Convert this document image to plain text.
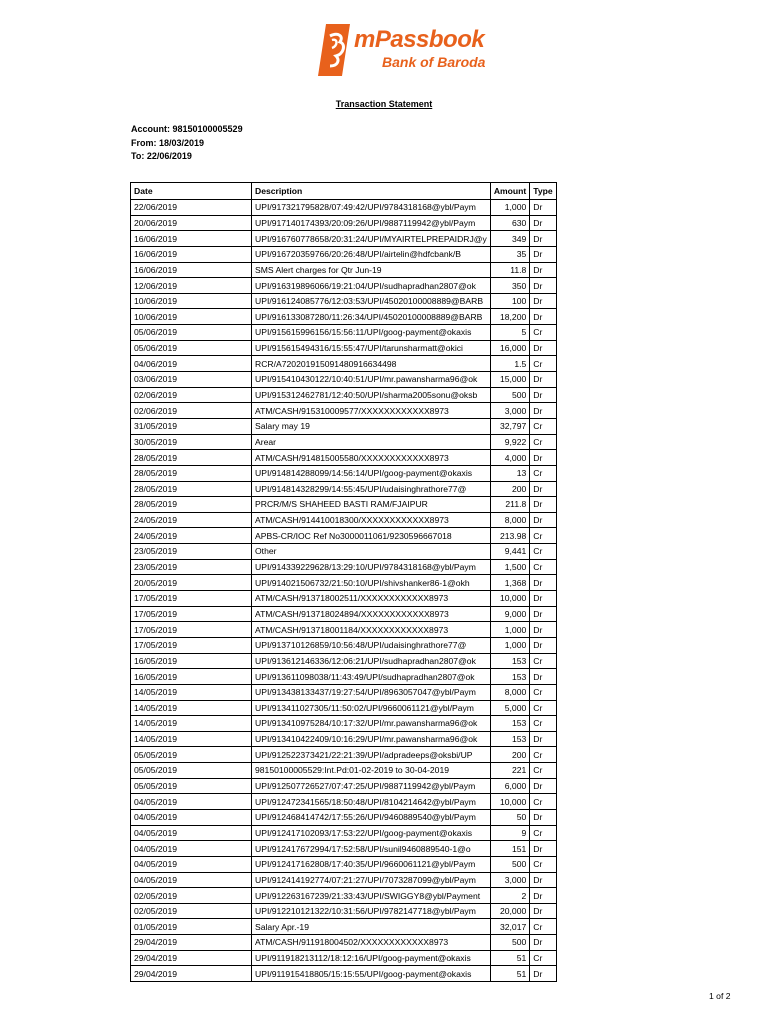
mPassbook
Bank of Baroda
Transaction Statement
Account: 98150100005529
From: 18/03/2019
To: 22/06/2019
Date	Description	Amount	Type
22/06/2019	UPI/917321795828/07:49:42/UPI/9784318168@ybl/Paym	1,000	Dr
20/06/2019	UPI/917140174393/20:09:26/UPI/9887119942@ybl/Paym	630	Dr
16/06/2019	UPI/916760778658/20:31:24/UPI/MYAIRTELPREPAIDRJ@y	349	Dr
16/06/2019	UPI/916720359766/20:26:48/UPI/airtelin@hdfcbank/B	35	Dr
16/06/2019	SMS Alert charges for Qtr Jun-19	11.8	Dr
12/06/2019	UPI/916319896066/19:21:04/UPI/sudhapradhan2807@ok	350	Dr
10/06/2019	UPI/916124085776/12:03:53/UPI/45020100008889@BARB	100	Dr
10/06/2019	UPI/916133087280/11:26:34/UPI/45020100008889@BARB	18,200	Dr
05/06/2019	UPI/915615996156/15:56:11/UPI/goog-payment@okaxis	5	Cr
05/06/2019	UPI/915615494316/15:55:47/UPI/tarunsharmatt@okici	16,000	Dr
04/06/2019	RCR/A720201915091480916634498	1.5	Cr
03/06/2019	UPI/915410430122/10:40:51/UPI/mr.pawansharma96@ok	15,000	Dr
02/06/2019	UPI/915312462781/12:40:50/UPI/sharma2005sonu@oksb	500	Dr
02/06/2019	ATM/CASH/915310009577/XXXXXXXXXXXX8973	3,000	Dr
31/05/2019	Salary may 19	32,797	Cr
30/05/2019	Arear	9,922	Cr
28/05/2019	ATM/CASH/914815005580/XXXXXXXXXXXX8973	4,000	Dr
28/05/2019	UPI/914814288099/14:56:14/UPI/goog-payment@okaxis	13	Cr
28/05/2019	UPI/914814328299/14:55:45/UPI/udaisinghrathore77@	200	Dr
28/05/2019	PRCR/M/S SHAHEED BASTI RAM/FJAIPUR	211.8	Dr
24/05/2019	ATM/CASH/914410018300/XXXXXXXXXXXX8973	8,000	Dr
24/05/2019	APBS-CR/IOC Ref No3000011061/9230596667018	213.98	Cr
23/05/2019	Other	9,441	Cr
23/05/2019	UPI/914339229628/13:29:10/UPI/9784318168@ybl/Paym	1,500	Cr
20/05/2019	UPI/914021506732/21:50:10/UPI/shivshanker86-1@okh	1,368	Dr
17/05/2019	ATM/CASH/913718002511/XXXXXXXXXXXX8973	10,000	Dr
17/05/2019	ATM/CASH/913718024894/XXXXXXXXXXXX8973	9,000	Dr
17/05/2019	ATM/CASH/913718001184/XXXXXXXXXXXX8973	1,000	Dr
17/05/2019	UPI/913710126859/10:56:48/UPI/udaisinghrathore77@	1,000	Dr
16/05/2019	UPI/913612146336/12:06:21/UPI/sudhapradhan2807@ok	153	Cr
16/05/2019	UPI/913611098038/11:43:49/UPI/sudhapradhan2807@ok	153	Dr
14/05/2019	UPI/913438133437/19:27:54/UPI/8963057047@ybl/Paym	8,000	Cr
14/05/2019	UPI/913411027305/11:50:02/UPI/9660061121@ybl/Paym	5,000	Cr
14/05/2019	UPI/913410975284/10:17:32/UPI/mr.pawansharma96@ok	153	Cr
14/05/2019	UPI/913410422409/10:16:29/UPI/mr.pawansharma96@ok	153	Dr
05/05/2019	UPI/912522373421/22:21:39/UPI/adpradeeps@oksbi/UP	200	Cr
05/05/2019	98150100005529:Int.Pd:01-02-2019 to 30-04-2019	221	Cr
05/05/2019	UPI/912507726527/07:47:25/UPI/9887119942@ybl/Paym	6,000	Dr
04/05/2019	UPI/912472341565/18:50:48/UPI/8104214642@ybl/Paym	10,000	Cr
04/05/2019	UPI/912468414742/17:55:26/UPI/9460889540@ybl/Paym	50	Dr
04/05/2019	UPI/912417102093/17:53:22/UPI/goog-payment@okaxis	9	Cr
04/05/2019	UPI/912417672994/17:52:58/UPI/sunil9460889540-1@o	151	Dr
04/05/2019	UPI/912417162808/17:40:35/UPI/9660061121@ybl/Paym	500	Cr
04/05/2019	UPI/912414192774/07:21:27/UPI/7073287099@ybl/Paym	3,000	Dr
02/05/2019	UPI/912263167239/21:33:43/UPI/SWIGGY8@ybl/Payment	2	Dr
02/05/2019	UPI/912210121322/10:31:56/UPI/9782147718@ybl/Paym	20,000	Dr
01/05/2019	Salary Apr.-19	32,017	Cr
29/04/2019	ATM/CASH/911918004502/XXXXXXXXXXXX8973	500	Dr
29/04/2019	UPI/911918213112/18:12:16/UPI/goog-payment@okaxis	51	Cr
29/04/2019	UPI/911915418805/15:15:55/UPI/goog-payment@okaxis	51	Dr
1 of 2
